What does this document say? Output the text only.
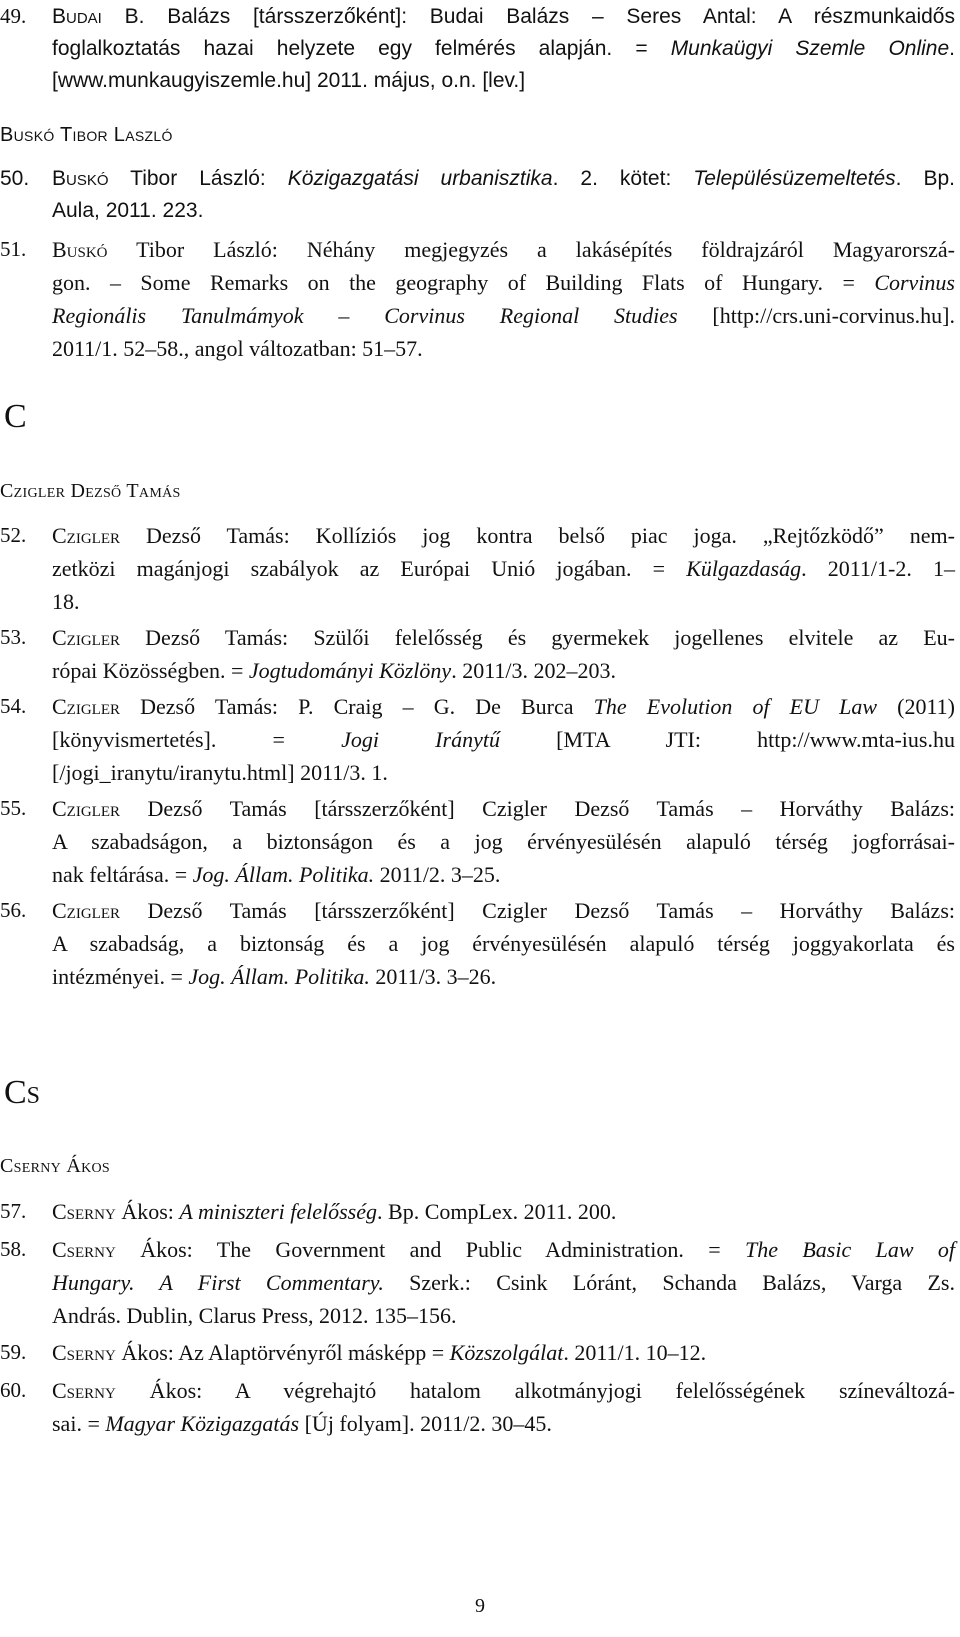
49. Budai B. Balázs [társszerzőként]: Budai Balázs – Seres Antal: A részmunkaidős
foglalkoztatás hazai helyzete egy felmérés alapján. = Munkaügyi Szemle Online.
[www.munkaugyiszemle.hu] 2011. május, o.n. [lev.]
Buskó Tibor Laszló
50. Buskó Tibor László: Közigazgatási urbanisztika. 2. kötet: Településüzemeltetés. Bp.
Aula, 2011. 223.
51. Buskó Tibor László: Néhány megjegyzés a lakásépítés földrajzáról Magyarorszá-
gon. – Some Remarks on the geography of Building Flats of Hungary. = Corvinus
Regionális Tanulmámyok – Corvinus Regional Studies [http://crs.uni-corvinus.hu].
2011/1. 52–58., angol változatban: 51–57.
C
Czigler Dezső Tamás
52. Czigler Dezső Tamás: Kollíziós jog kontra belső piac joga. „Rejtőzködő” nem-
zetközi magánjogi szabályok az Európai Unió jogában. = Külgazdaság. 2011/1-2. 1–
18.
53. Czigler Dezső Tamás: Szülői felelősség és gyermekek jogellenes elvitele az Eu-
rópai Közösségben. = Jogtudományi Közlöny. 2011/3. 202–203.
54. Czigler Dezső Tamás: P. Craig – G. De Burca The Evolution of EU Law (2011)
[könyvismertetés]. = Jogi Iránytű [MTA JTI: http://www.mta-ius.hu
[/jogi_iranytu/iranytu.html] 2011/3. 1.
55. Czigler Dezső Tamás [társszerzőként] Czigler Dezső Tamás – Horváthy Balázs:
A szabadságon, a biztonságon és a jog érvényesülésén alapuló térség jogforrásai-
nak feltárása. = Jog. Állam. Politika. 2011/2. 3–25.
56. Czigler Dezső Tamás [társszerzőként] Czigler Dezső Tamás – Horváthy Balázs:
A szabadság, a biztonság és a jog érvényesülésén alapuló térség joggyakorlata és
intézményei. = Jog. Állam. Politika. 2011/3. 3–26.
Cs
Cserny Ákos
57. Cserny Ákos: A miniszteri felelősség. Bp. CompLex. 2011. 200.
58. Cserny Ákos: The Government and Public Administration. = The Basic Law of
Hungary. A First Commentary. Szerk.: Csink Lóránt, Schanda Balázs, Varga Zs.
András. Dublin, Clarus Press, 2012. 135–156.
59. Cserny Ákos: Az Alaptörvényről másképp = Közszolgálat. 2011/1. 10–12.
60. Cserny Ákos: A végrehajtó hatalom alkotmányjogi felelősségének színeváltozá-
sai. = Magyar Közigazgatás [Új folyam]. 2011/2. 30–45.
9
